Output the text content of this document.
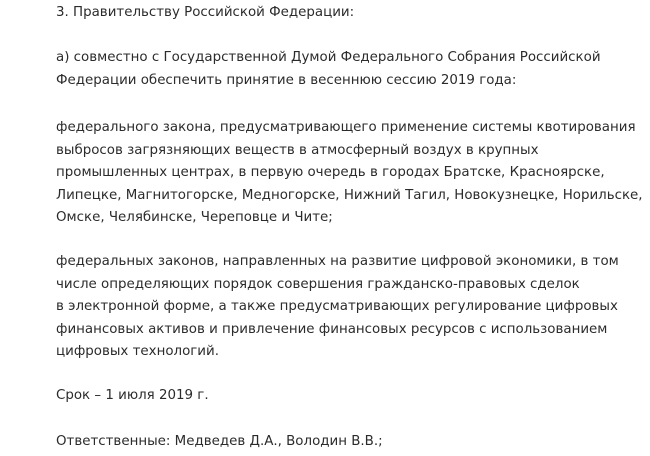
3. Правительству Российской Федерации:

а) совместно с Государственной Думой Федерального Собрания Российской
Федерации обеспечить принятие в весеннюю сессию 2019 года:

федерального закона, предусматривающего применение системы квотирования
выбросов загрязняющих веществ в атмосферный воздух в крупных
промышленных центрах, в первую очередь в городах Братске, Красноярске,
Липецке, Магнитогорске, Медногорске, Нижний Тагил, Новокузнецке, Норильске,
Омске, Челябинске, Череповце и Чите;

федеральных законов, направленных на развитие цифровой экономики, в том
числе определяющих порядок совершения гражданско-правовых сделок
в электронной форме, а также предусматривающих регулирование цифровых
финансовых активов и привлечение финансовых ресурсов с использованием
цифровых технологий.

Срок – 1 июля 2019 г.

Ответственные: Медведев Д.А., Володин В.В.;
